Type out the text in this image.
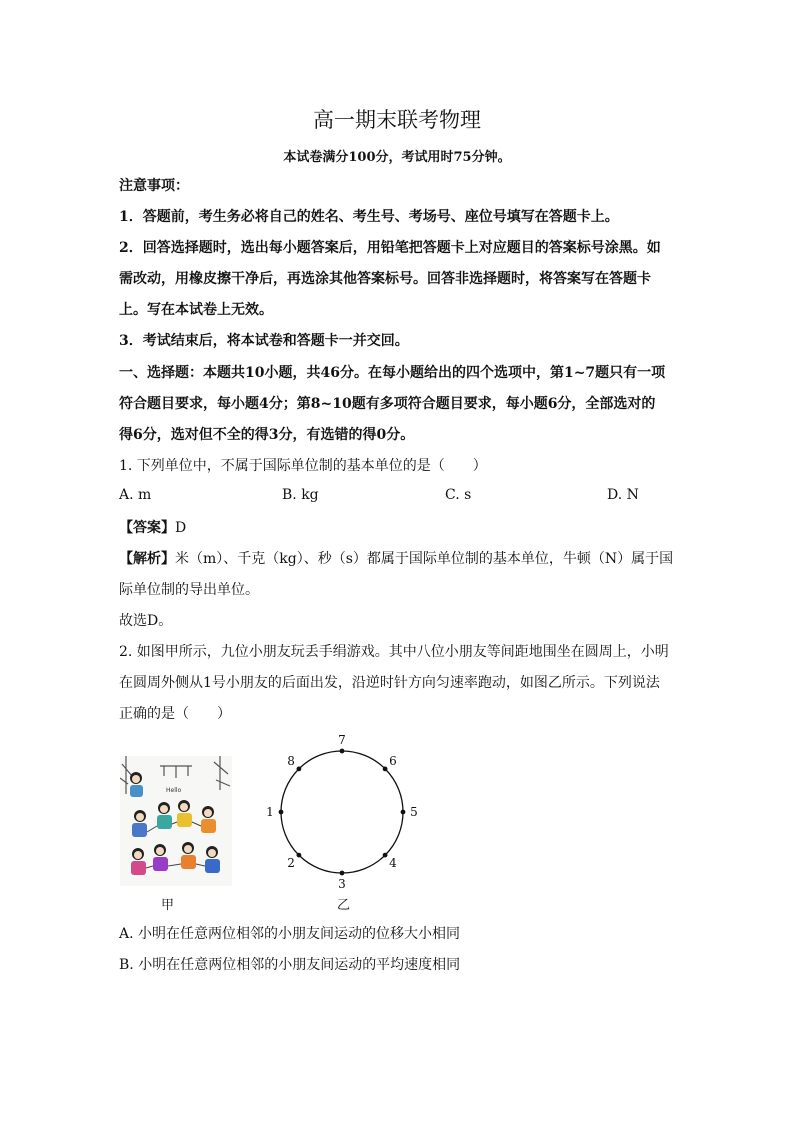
高一期末联考物理
本试卷满分100分，考试用时75分钟。
注意事项：
1．答题前，考生务必将自己的姓名、考生号、考场号、座位号填写在答题卡上。
2．回答选择题时，选出每小题答案后，用铅笔把答题卡上对应题目的答案标号涂黑。如
需改动，用橡皮擦干净后，再选涂其他答案标号。回答非选择题时，将答案写在答题卡
上。写在本试卷上无效。
3．考试结束后，将本试卷和答题卡一并交回。
一、选择题：本题共10小题，共46分。在每小题给出的四个选项中，第1~7题只有一项
符合题目要求，每小题4分；第8~10题有多项符合题目要求，每小题6分，全部选对的
得6分，选对但不全的得3分，有选错的得0分。
1. 下列单位中，不属于国际单位制的基本单位的是（　　）
A. m	B. kg	C. s	D. N
【答案】D
【解析】米（m）、千克（kg）、秒（s）都属于国际单位制的基本单位，牛顿（N）属于国
际单位制的导出单位。
故选D。
2. 如图甲所示，九位小朋友玩丢手绢游戏。其中八位小朋友等间距地围坐在圆周上，小明
在圆周外侧从1号小朋友的后面出发，沿逆时针方向匀速率跑动，如图乙所示。下列说法
正确的是（　　）
Hello
甲
1
2
3
4
5
6
7
8
乙
A. 小明在任意两位相邻的小朋友间运动的位移大小相同
B. 小明在任意两位相邻的小朋友间运动的平均速度相同
